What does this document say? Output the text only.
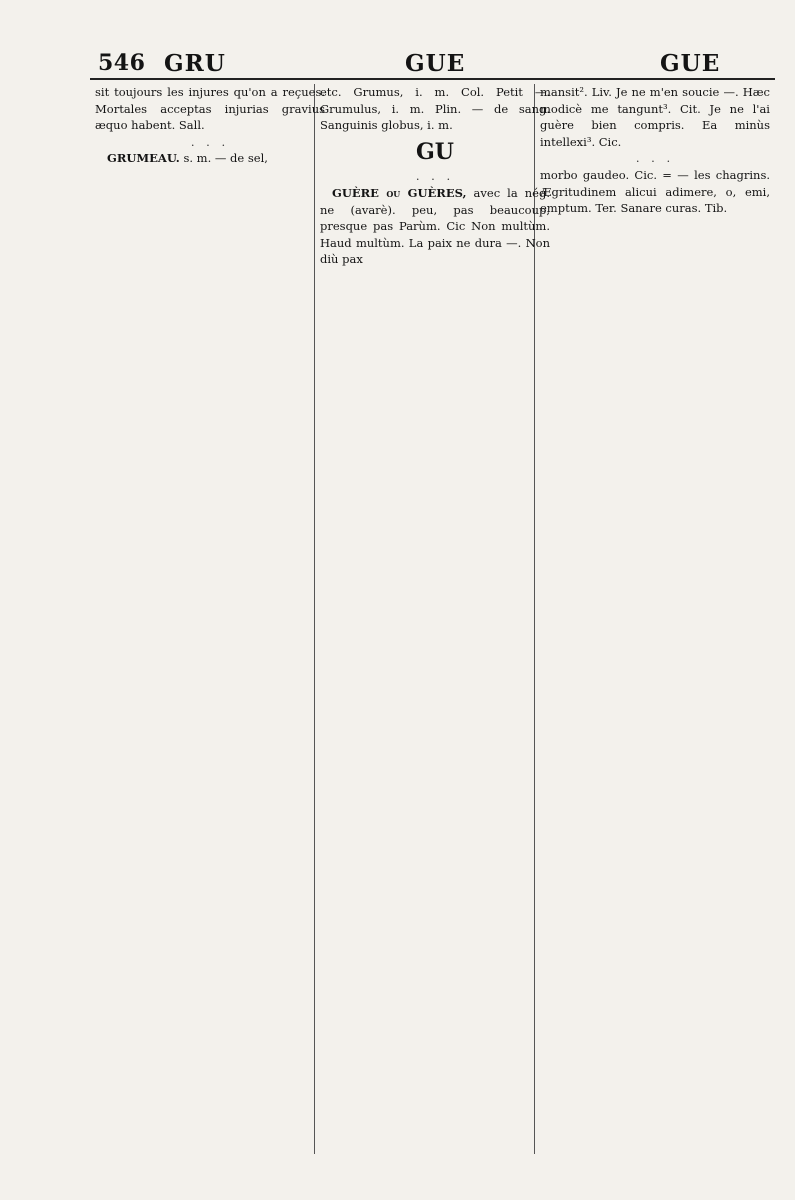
546 GRU	GUE	GUE

sit toujours les injures qu'on a reçues. Mortales acceptas injurias gravius æquo habent. Sall.

. . .

GRUMEAU. s. m. — de sel,

etc. Grumus, i. m. Col. Petit —. Grumulus, i. m. Plin. — de sang. Sanguinis globus, i. m.

GU
. . .

GUÈRE ou GUÈRES, avec la nég. ne (avarè). peu, pas beaucoup, presque pas Parùm. Cic Non multùm. Haud multùm. La paix ne dura —. Non diù pax

mansit². Liv. Je ne m'en soucie —. Hæc modicè me tangunt³. Cit. Je ne l'ai guère bien compris. Ea minùs intellexi³. Cic.

. . .

morbo gaudeo. Cic. = — les chagrins. Ægritudinem alicui adimere, o, emi, emptum. Ter. Sanare curas. Tib.
